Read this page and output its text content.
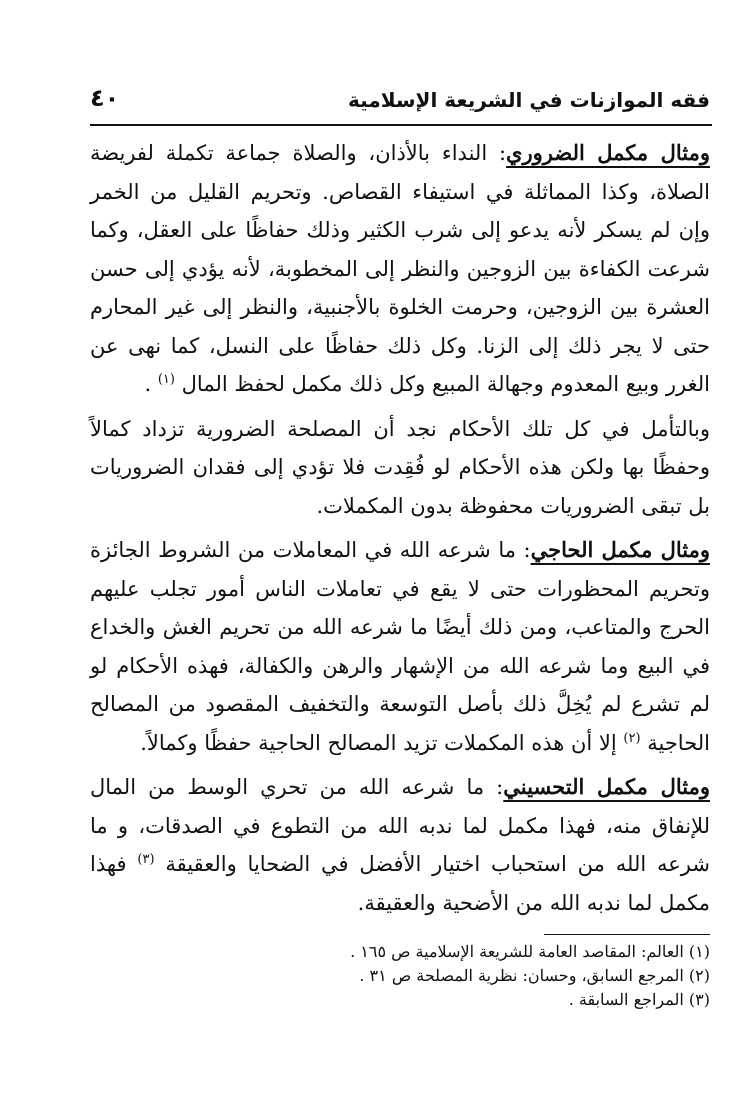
فقه الموازنات في الشريعة الإسلامية
٤٠

ومثال مكمل الضروري: النداء بالأذان، والصلاة جماعة تكملة لفريضة الصلاة، وكذا المماثلة في استيفاء القصاص. وتحريم القليل من الخمر وإن لم يسكر لأنه يدعو إلى شرب الكثير وذلك حفاظًا على العقل، وكما شرعت الكفاءة بين الزوجين والنظر إلى المخطوبة، لأنه يؤدي إلى حسن العشرة بين الزوجين، وحرمت الخلوة بالأجنبية، والنظر إلى غير المحارم حتى لا يجر ذلك إلى الزنا. وكل ذلك حفاظًا على النسل، كما نهى عن الغرر وبيع المعدوم وجهالة المبيع وكل ذلك مكمل لحفظ المال $^{(١)}$ .

وبالتأمل في كل تلك الأحكام نجد أن المصلحة الضرورية تزداد كمالاً وحفظًا بها ولكن هذه الأحكام لو فُقِدت فلا تؤدي إلى فقدان الضروريات بل تبقى الضروريات محفوظة بدون المكملات.

ومثال مكمل الحاجي: ما شرعه الله في المعاملات من الشروط الجائزة وتحريم المحظورات حتى لا يقع في تعاملات الناس أمور تجلب عليهم الحرج والمتاعب، ومن ذلك أيضًا ما شرعه الله من تحريم الغش والخداع في البيع وما شرعه الله من الإشهار والرهن والكفالة، فهذه الأحكام لو لم تشرع لم يُخِلَّ ذلك بأصل التوسعة والتخفيف المقصود من المصالح الحاجية $^{(٢)}$ إلا أن هذه المكملات تزيد المصالح الحاجية حفظًا وكمالاً.

ومثال مكمل التحسيني: ما شرعه الله من تحري الوسط من المال للإنفاق منه، فهذا مكمل لما ندبه الله من التطوع في الصدقات، و ما شرعه الله من استحباب اختيار الأفضل في الضحايا والعقيقة $^{(٣)}$ فهذا مكمل لما ندبه الله من الأضحية والعقيقة.

(١) العالم: المقاصد العامة للشريعة الإسلامية ص ١٦٥ .

(٢) المرجع السابق، وحسان: نظرية المصلحة ص ٣١ .

(٣) المراجع السابقة .
